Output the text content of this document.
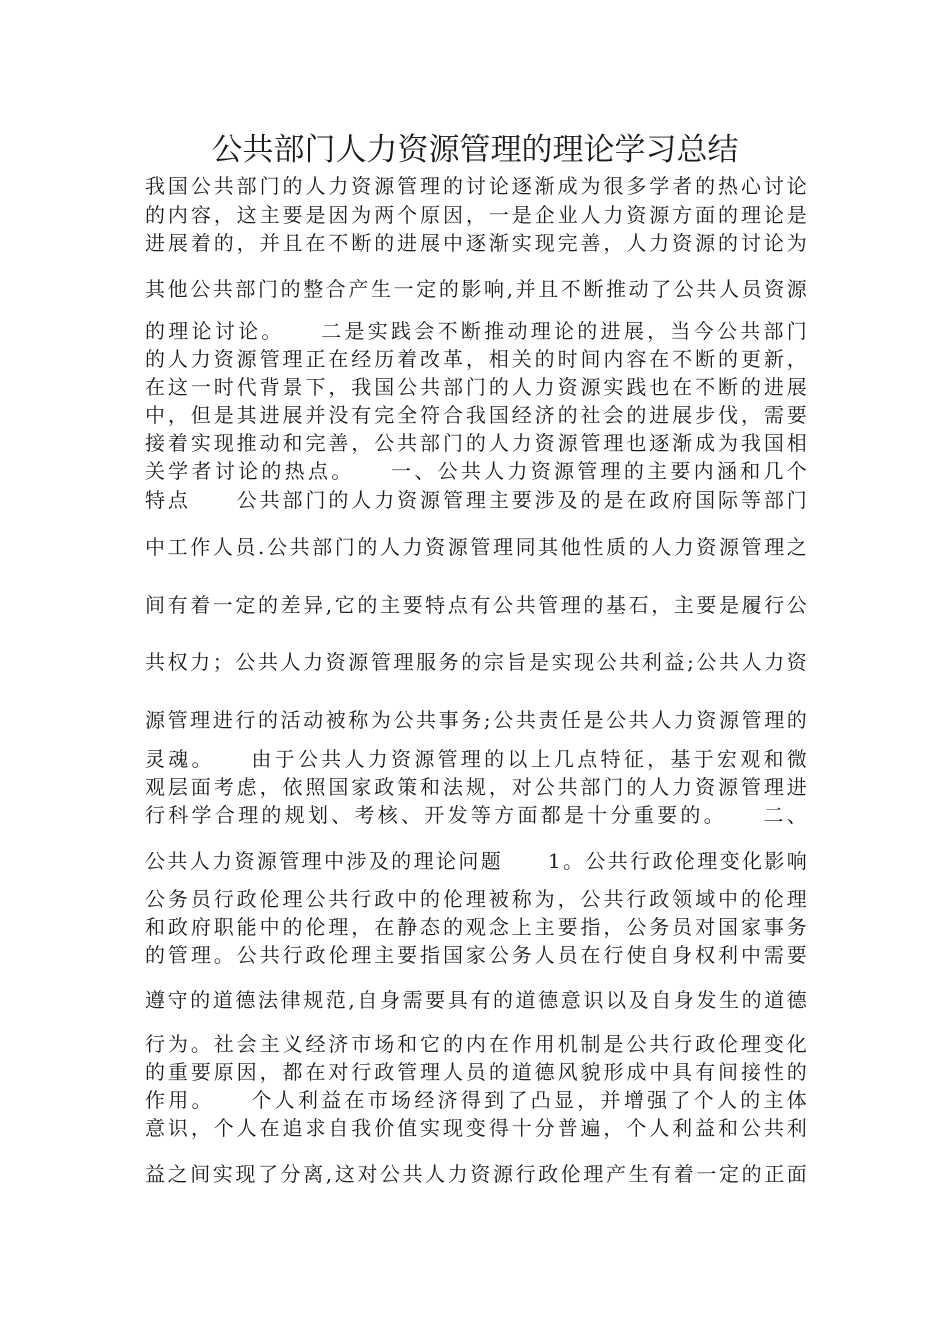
公共部门人力资源管理的理论学习总结
我国公共部门的人力资源管理的讨论逐渐成为很多学者的热心讨论
的内容，这主要是因为两个原因，一是企业人力资源方面的理论是
进展着的，并且在不断的进展中逐渐实现完善，人力资源的讨论为
其他公共部门的整合产生一定的影响,并且不断推动了公共人员资源
的理论讨论。　　二是实践会不断推动理论的进展，当今公共部门
的人力资源管理正在经历着改革，相关的时间内容在不断的更新，
在这一时代背景下，我国公共部门的人力资源实践也在不断的进展
中，但是其进展并没有完全符合我国经济的社会的进展步伐，需要
接着实现推动和完善，公共部门的人力资源管理也逐渐成为我国相
关学者讨论的热点。　　一、公共人力资源管理的主要内涵和几个
特点　　公共部门的人力资源管理主要涉及的是在政府国际等部门
中工作人员.公共部门的人力资源管理同其他性质的人力资源管理之
间有着一定的差异,它的主要特点有公共管理的基石，主要是履行公
共权力；公共人力资源管理服务的宗旨是实现公共利益;公共人力资
源管理进行的活动被称为公共事务;公共责任是公共人力资源管理的
灵魂。　　由于公共人力资源管理的以上几点特征，基于宏观和微
观层面考虑，依照国家政策和法规，对公共部门的人力资源管理进
行科学合理的规划、考核、开发等方面都是十分重要的。　　二、
公共人力资源管理中涉及的理论问题　　1。公共行政伦理变化影响
公务员行政伦理公共行政中的伦理被称为，公共行政领域中的伦理
和政府职能中的伦理，在静态的观念上主要指，公务员对国家事务
的管理。公共行政伦理主要指国家公务人员在行使自身权利中需要
遵守的道德法律规范,自身需要具有的道德意识以及自身发生的道德
行为。社会主义经济市场和它的内在作用机制是公共行政伦理变化
的重要原因，都在对行政管理人员的道德风貌形成中具有间接性的
作用。　　个人利益在市场经济得到了凸显，并增强了个人的主体
意识，个人在追求自我价值实现变得十分普遍，个人利益和公共利
益之间实现了分离,这对公共人力资源行政伦理产生有着一定的正面
